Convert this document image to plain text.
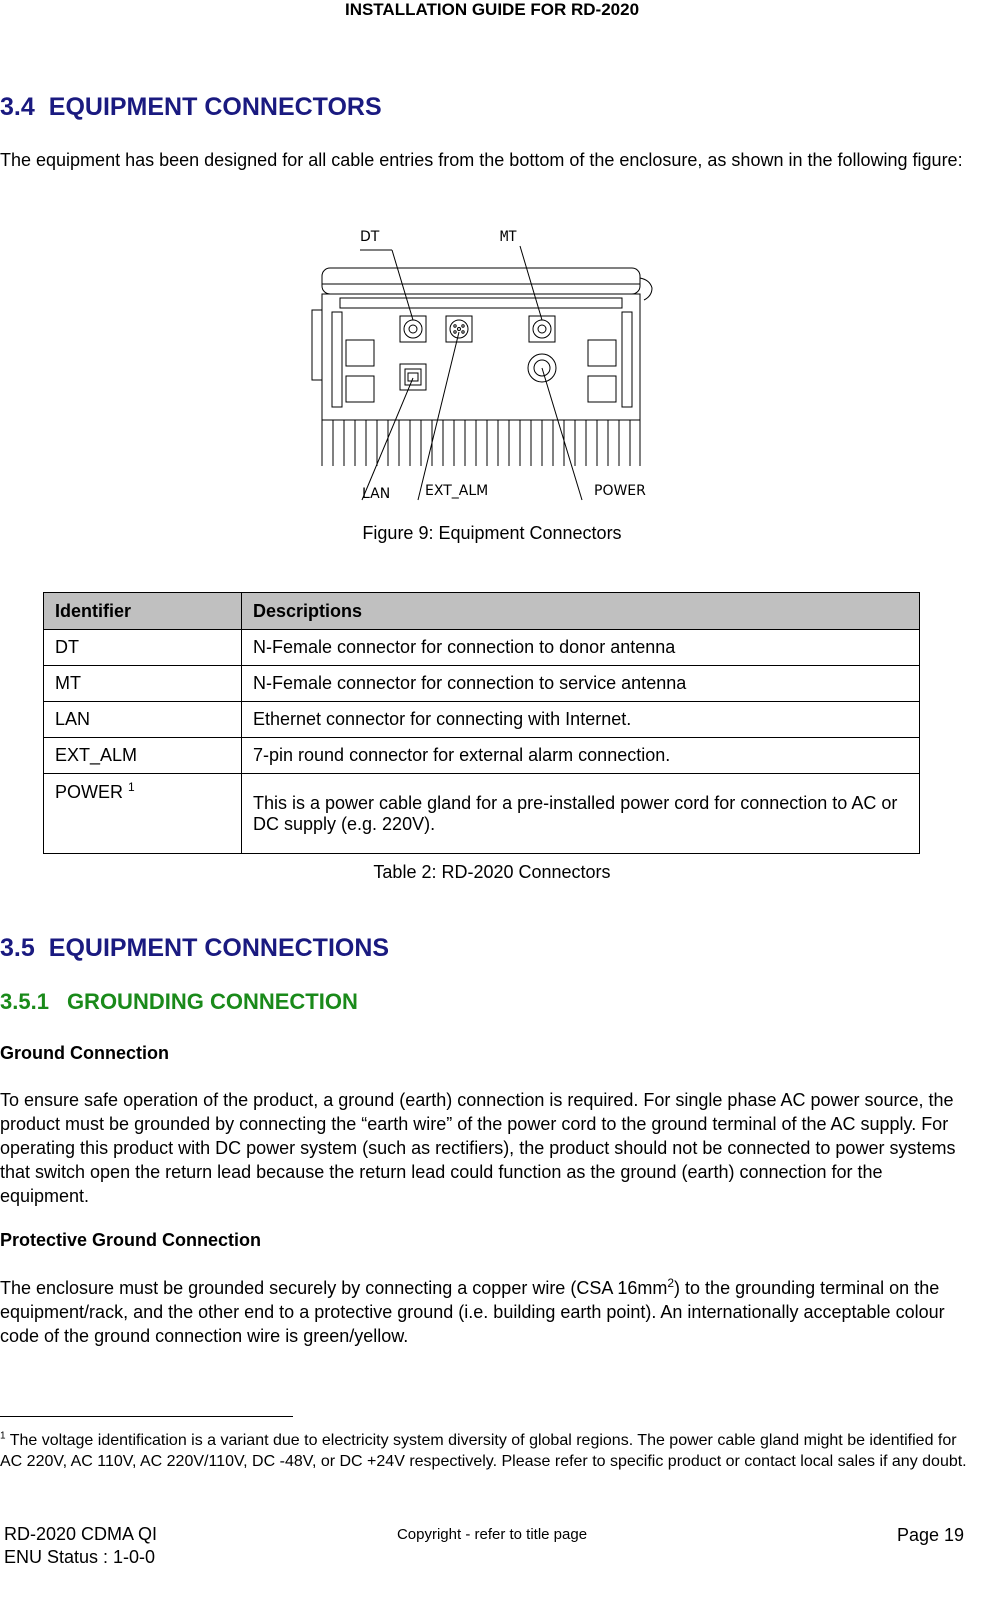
INSTALLATION GUIDE FOR RD-2020
3.4 EQUIPMENT CONNECTORS
The equipment has been designed for all cable entries from the bottom of the enclosure, as shown in the following figure:
DT	MT
LAN EXT_ALM	POWER
Figure 9: Equipment Connectors
Identifier	Descriptions
DT	N-Female connector for connection to donor antenna
MT	N-Female connector for connection to service antenna
LAN	Ethernet connector for connecting with Internet.
EXT_ALM	7-pin round connector for external alarm connection.
POWER $^1$	This is a power cable gland for a pre-installed power cord for connection to AC or DC supply (e.g. 220V).
Table 2: RD-2020 Connectors
3.5 EQUIPMENT CONNECTIONS
3.5.1 GROUNDING CONNECTION
Ground Connection
To ensure safe operation of the product, a ground (earth) connection is required. For single phase AC power source, the product must be grounded by connecting the “earth wire” of the power cord to the ground terminal of the AC supply. For operating this product with DC power system (such as rectifiers), the product should not be connected to power systems that switch open the return lead because the return lead could function as the ground (earth) connection for the equipment.
Protective Ground Connection
The enclosure must be grounded securely by connecting a copper wire (CSA $16mm^2$) to the grounding terminal on the equipment/rack, and the other end to a protective ground (i.e. building earth point). An internationally acceptable colour code of the ground connection wire is green/yellow.
$^1$ The voltage identification is a variant due to electricity system diversity of global regions. The power cable gland might be identified for AC 220V, AC 110V, AC 220V/110V, DC -48V, or DC +24V respectively. Please refer to specific product or contact local sales if any doubt.
RD-2020 CDMA QI
ENU Status : 1-0-0
Copyright - refer to title page	Page 19
